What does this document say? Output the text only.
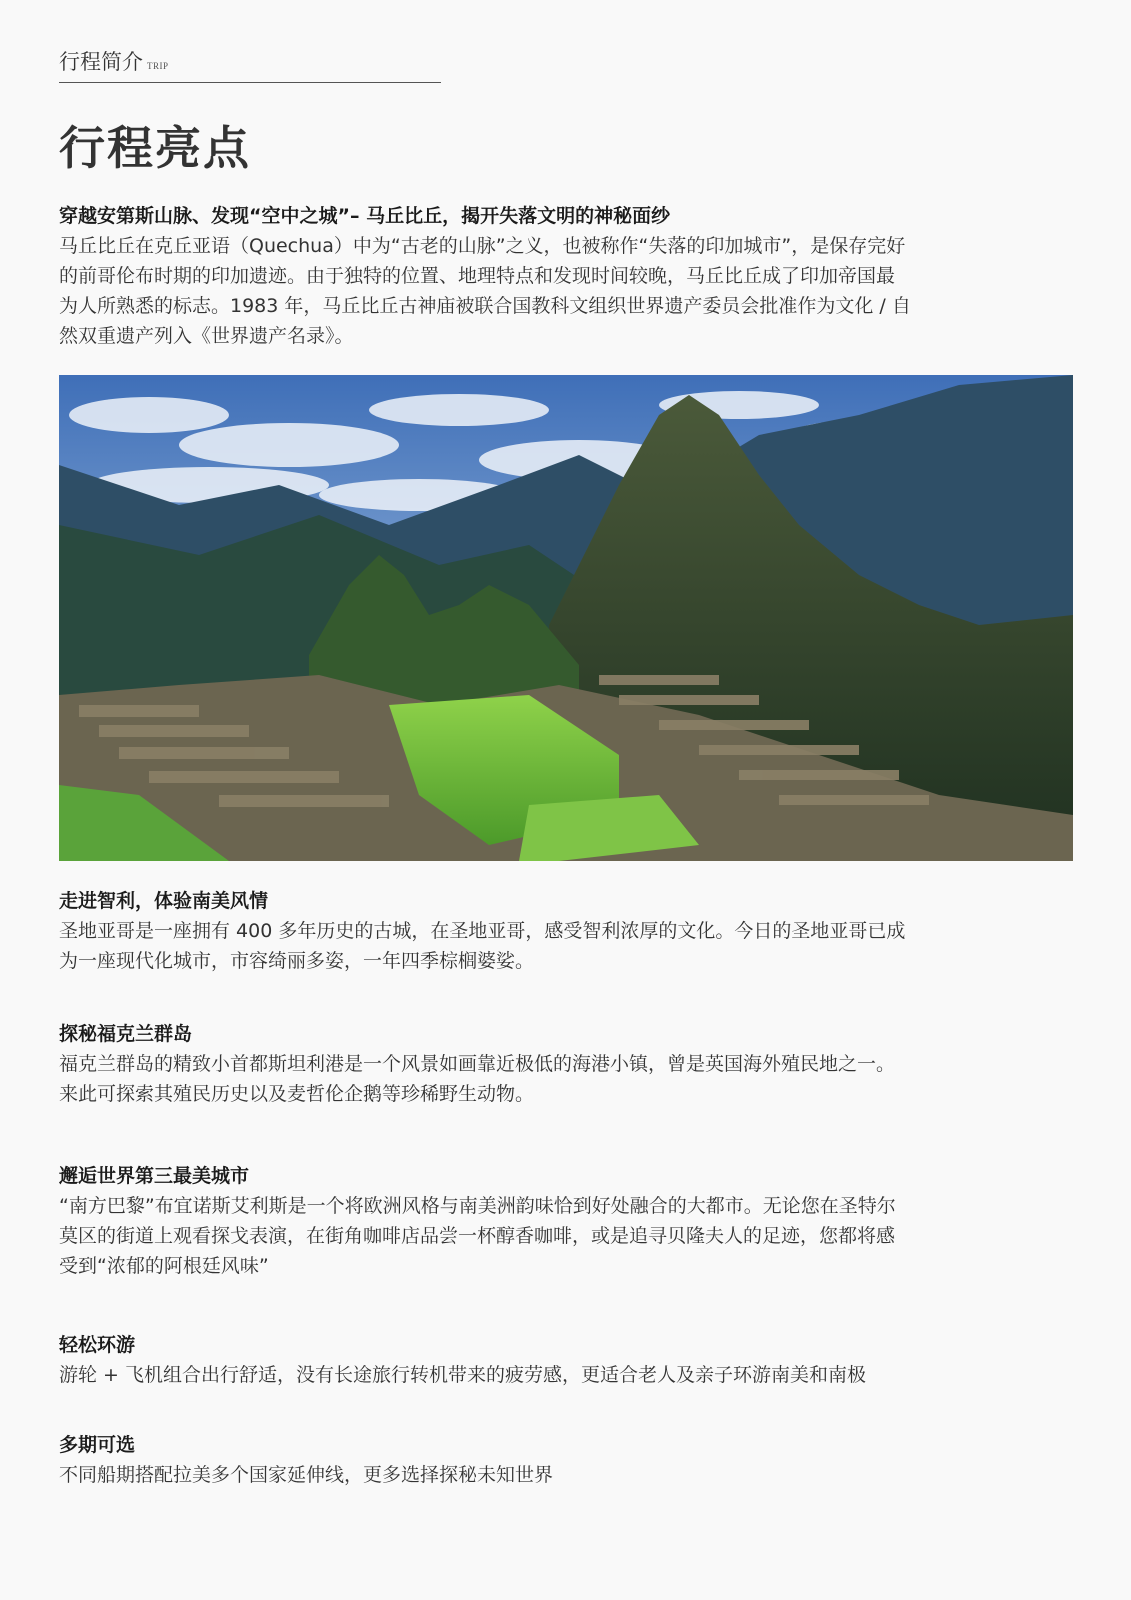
行程简介 TRIP
行程亮点
穿越安第斯山脉、发现“空中之城”– 马丘比丘，揭开失落文明的神秘面纱

马丘比丘在克丘亚语（Quechua）中为“古老的山脉”之义，也被称作“失落的印加城市”，是保存完好

的前哥伦布时期的印加遗迹。由于独特的位置、地理特点和发现时间较晚，马丘比丘成了印加帝国最

为人所熟悉的标志。1983 年，马丘比丘古神庙被联合国教科文组织世界遗产委员会批准作为文化 / 自

然双重遗产列入《世界遗产名录》。

走进智利，体验南美风情

圣地亚哥是一座拥有 400 多年历史的古城，在圣地亚哥，感受智利浓厚的文化。今日的圣地亚哥已成

为一座现代化城市，市容绮丽多姿，一年四季棕榈婆娑。

探秘福克兰群岛

福克兰群岛的精致小首都斯坦利港是一个风景如画靠近极低的海港小镇，曾是英国海外殖民地之一。

来此可探索其殖民历史以及麦哲伦企鹅等珍稀野生动物。

邂逅世界第三最美城市

“南方巴黎”布宜诺斯艾利斯是一个将欧洲风格与南美洲韵味恰到好处融合的大都市。无论您在圣特尔

莫区的街道上观看探戈表演，在街角咖啡店品尝一杯醇香咖啡，或是追寻贝隆夫人的足迹，您都将感

受到“浓郁的阿根廷风味”

轻松环游

游轮 + 飞机组合出行舒适，没有长途旅行转机带来的疲劳感，更适合老人及亲子环游南美和南极

多期可选

不同船期搭配拉美多个国家延伸线，更多选择探秘未知世界
